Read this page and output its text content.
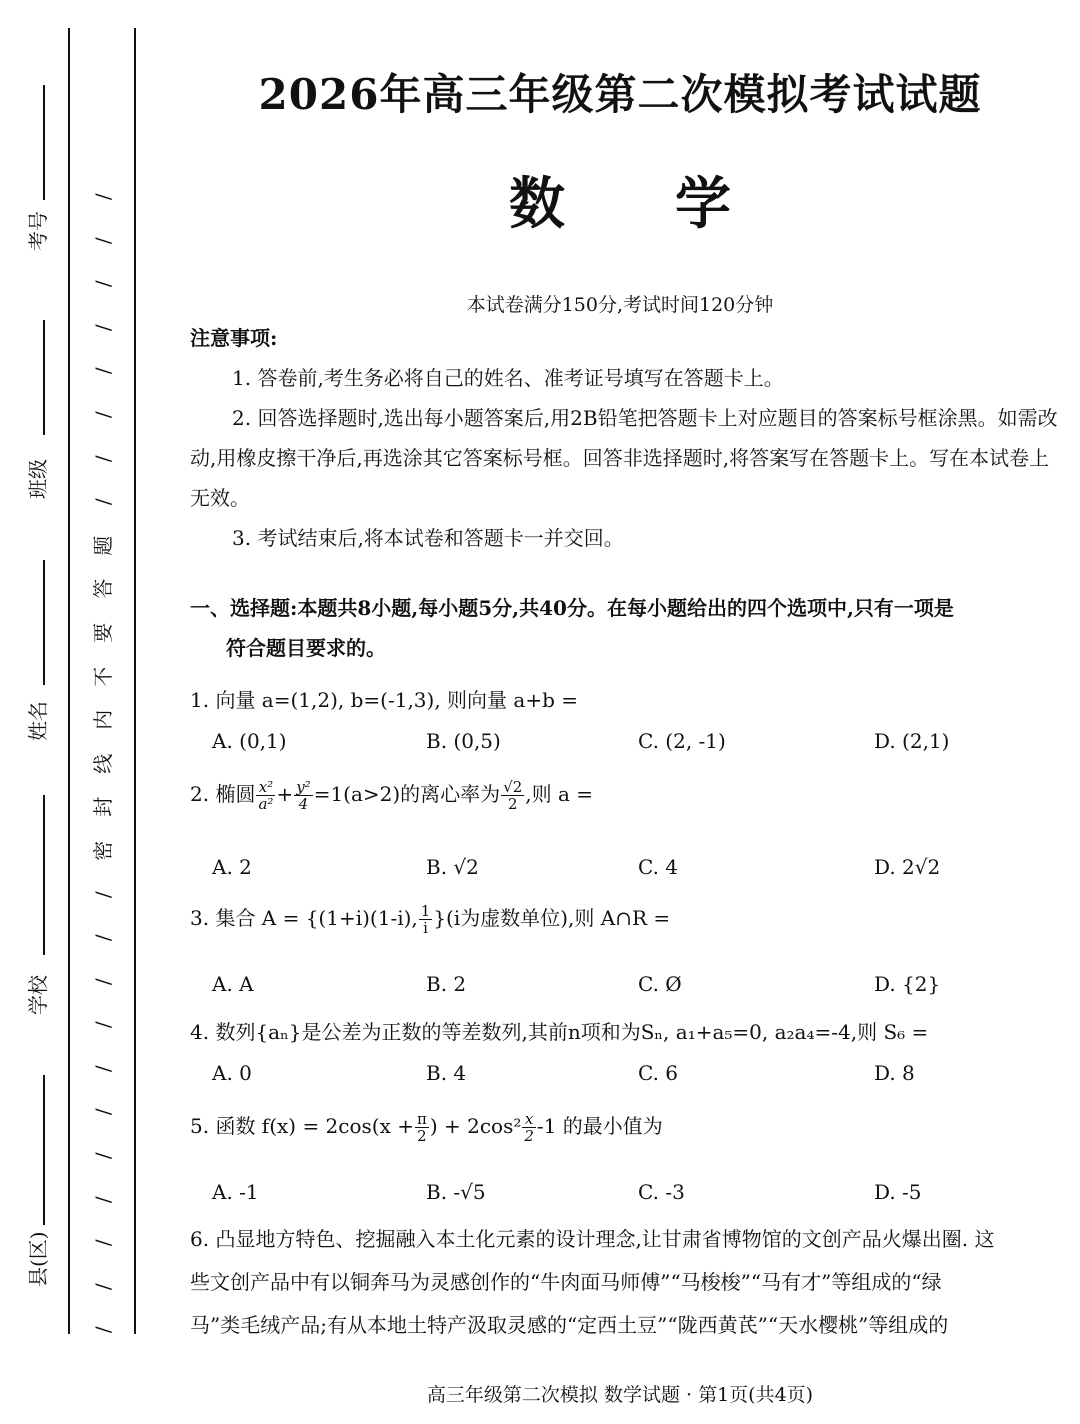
考号
班级
姓名
学校
县(区)
/
/
/
/
/
/
/
/
题
答
要
不
内
线
封
密
/
/
/
/
/
/
/
/
/
/
/
2026年高三年级第二次模拟考试试题
数 学
本试卷满分150分,考试时间120分钟
注意事项:
1. 答卷前,考生务必将自己的姓名、准考证号填写在答题卡上。
2. 回答选择题时,选出每小题答案后,用2B铅笔把答题卡上对应题目的答案标号框涂黑。如需改动,用橡皮擦干净后,再选涂其它答案标号框。回答非选择题时,将答案写在答题卡上。写在本试卷上无效。
3. 考试结束后,将本试卷和答题卡一并交回。
一、选择题:本题共8小题,每小题5分,共40分。在每小题给出的四个选项中,只有一项是
符合题目要求的。
1. 向量 a=(1,2), b=(-1,3), 则向量 a+b =
A. (0,1)	B. (0,5)	C. (2, -1)	D. (2,1)
2. 椭圆 $\frac{\text{x²}}{\text{a²}} + \frac{\text{y²}}{4} =1(a>2)$的离心率为 $\frac{√2}{2}$ ,则 a =
A. 2	B. √2	C. 4	D. 2√2
3. 集合 A = {(1+i)(1-i), $\frac{1}{i} \}(i$为虚数单位),则 A∩R =
A. A	B. 2	C. Ø	D. {2}
4. 数列{aₙ}是公差为正数的等差数列,其前n项和为Sₙ, a₁+a₅=0, a₂a₄=-4,则 S₆ =
A. 0	B. 4	C. 6	D. 8
5. 函数 $f(x) = 2\cos(x + \frac{\pi}{2}$ ) + $2\cos^2 \frac{x}{2} -1$ 的最小值为
A. -1	B. -√5	C. -3	D. -5
6. 凸显地方特色、挖掘融入本土化元素的设计理念,让甘肃省博物馆的文创产品火爆出圈. 这
些文创产品中有以铜奔马为灵感创作的“牛肉面马师傅”“马梭梭”“马有才”等组成的“绿
马”类毛绒产品;有从本地土特产汲取灵感的“定西土豆”“陇西黄芪”“天水樱桃”等组成的
高三年级第二次模拟 数学试题 · 第1页(共4页)
